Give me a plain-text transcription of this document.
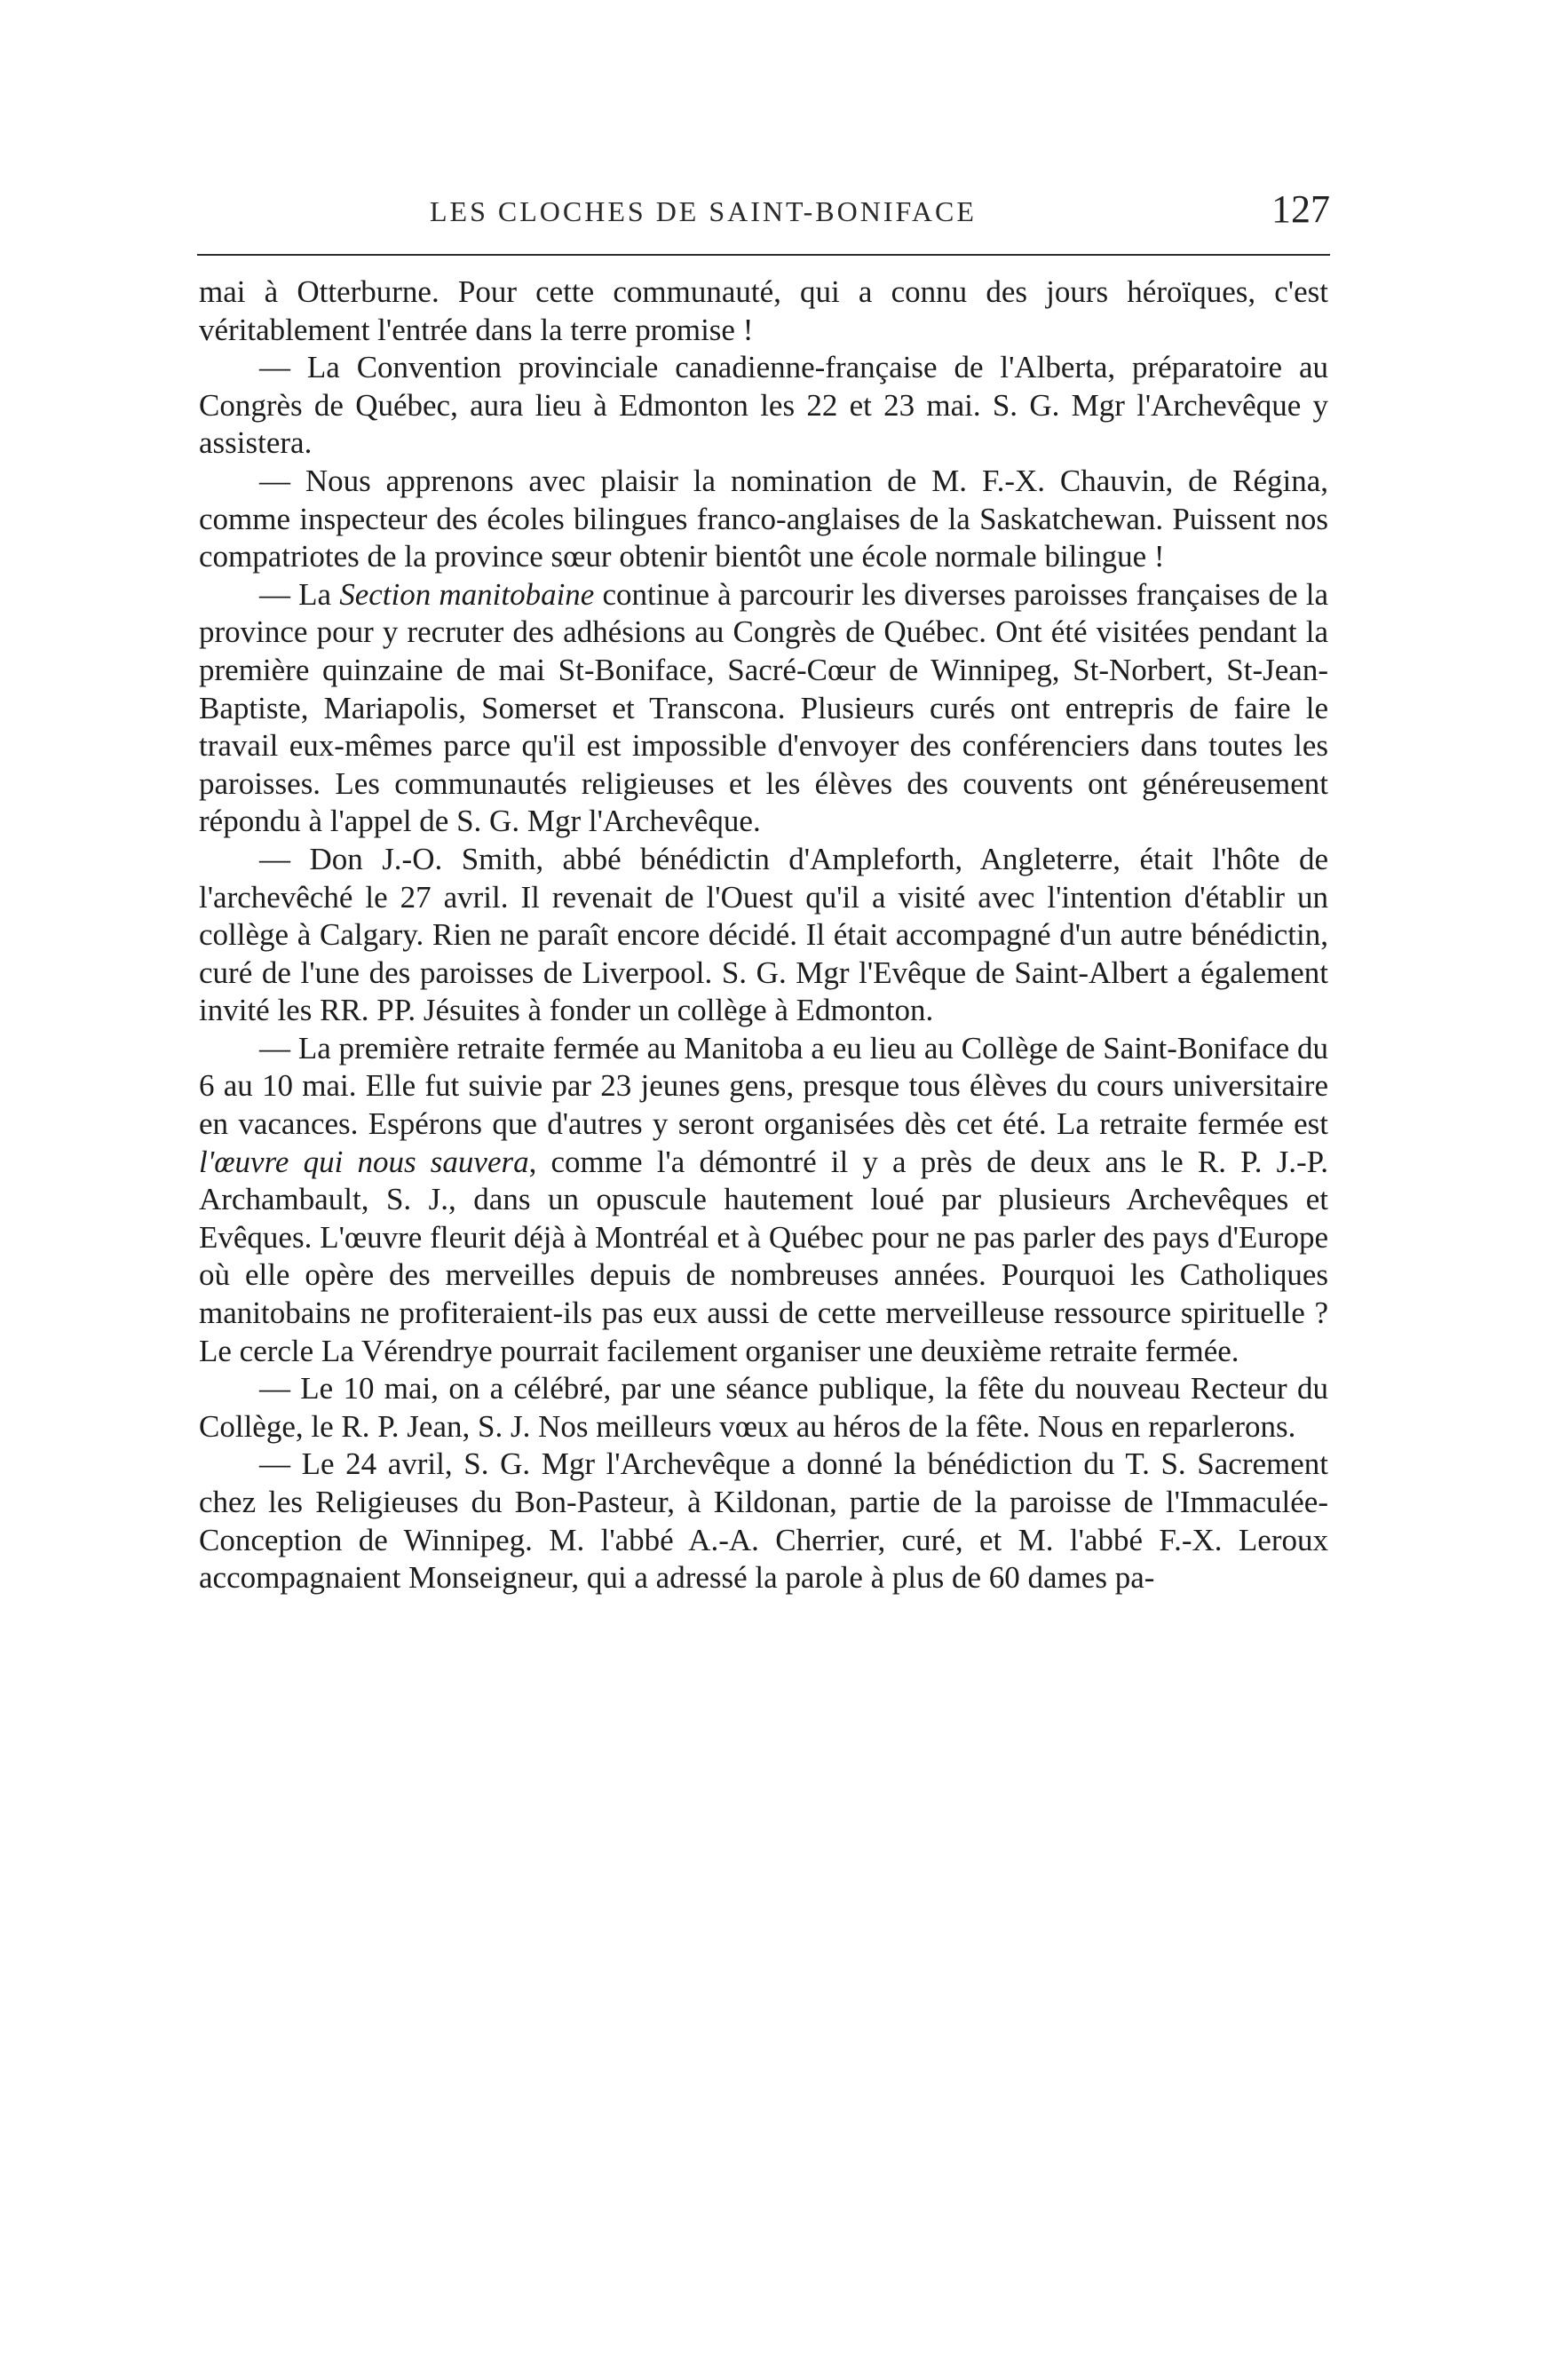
LES CLOCHES DE SAINT-BONIFACE	127

mai à Otterburne. Pour cette communauté, qui a connu des jours héroïques, c'est véritablement l'entrée dans la terre promise !

— La Convention provinciale canadienne-française de l'Alberta, préparatoire au Congrès de Québec, aura lieu à Edmonton les 22 et 23 mai. S. G. Mgr l'Archevêque y assistera.

— Nous apprenons avec plaisir la nomination de M. F.-X. Chauvin, de Régina, comme inspecteur des écoles bilingues franco-anglaises de la Saskatchewan. Puissent nos compatriotes de la province sœur obtenir bientôt une école normale bilingue !

— La Section manitobaine continue à parcourir les diverses paroisses françaises de la province pour y recruter des adhésions au Congrès de Québec. Ont été visitées pendant la première quinzaine de mai St-Boniface, Sacré-Cœur de Winnipeg, St-Norbert, St-Jean-Baptiste, Mariapolis, Somerset et Transcona. Plusieurs curés ont entrepris de faire le travail eux-mêmes parce qu'il est impossible d'envoyer des conférenciers dans toutes les paroisses. Les communautés religieuses et les élèves des couvents ont généreusement répondu à l'appel de S. G. Mgr l'Archevêque.

— Don J.-O. Smith, abbé bénédictin d'Ampleforth, Angleterre, était l'hôte de l'archevêché le 27 avril. Il revenait de l'Ouest qu'il a visité avec l'intention d'établir un collège à Calgary. Rien ne paraît encore décidé. Il était accompagné d'un autre bénédictin, curé de l'une des paroisses de Liverpool. S. G. Mgr l'Evêque de Saint-Albert a également invité les RR. PP. Jésuites à fonder un collège à Edmonton.

— La première retraite fermée au Manitoba a eu lieu au Collège de Saint-Boniface du 6 au 10 mai. Elle fut suivie par 23 jeunes gens, presque tous élèves du cours universitaire en vacances. Espérons que d'autres y seront organisées dès cet été. La retraite fermée est l'œuvre qui nous sauvera, comme l'a démontré il y a près de deux ans le R. P. J.-P. Archambault, S. J., dans un opuscule hautement loué par plusieurs Archevêques et Evêques. L'œuvre fleurit déjà à Montréal et à Québec pour ne pas parler des pays d'Europe où elle opère des merveilles depuis de nombreuses années. Pourquoi les Catholiques manitobains ne profiteraient-ils pas eux aussi de cette merveilleuse ressource spirituelle ? Le cercle La Vérendrye pourrait facilement organiser une deuxième retraite fermée.

— Le 10 mai, on a célébré, par une séance publique, la fête du nouveau Recteur du Collège, le R. P. Jean, S. J. Nos meilleurs vœux au héros de la fête. Nous en reparlerons.

— Le 24 avril, S. G. Mgr l'Archevêque a donné la bénédiction du T. S. Sacrement chez les Religieuses du Bon-Pasteur, à Kildonan, partie de la paroisse de l'Immaculée-Conception de Winnipeg. M. l'abbé A.-A. Cherrier, curé, et M. l'abbé F.-X. Leroux accompagnaient Monseigneur, qui a adressé la parole à plus de 60 dames pa-
